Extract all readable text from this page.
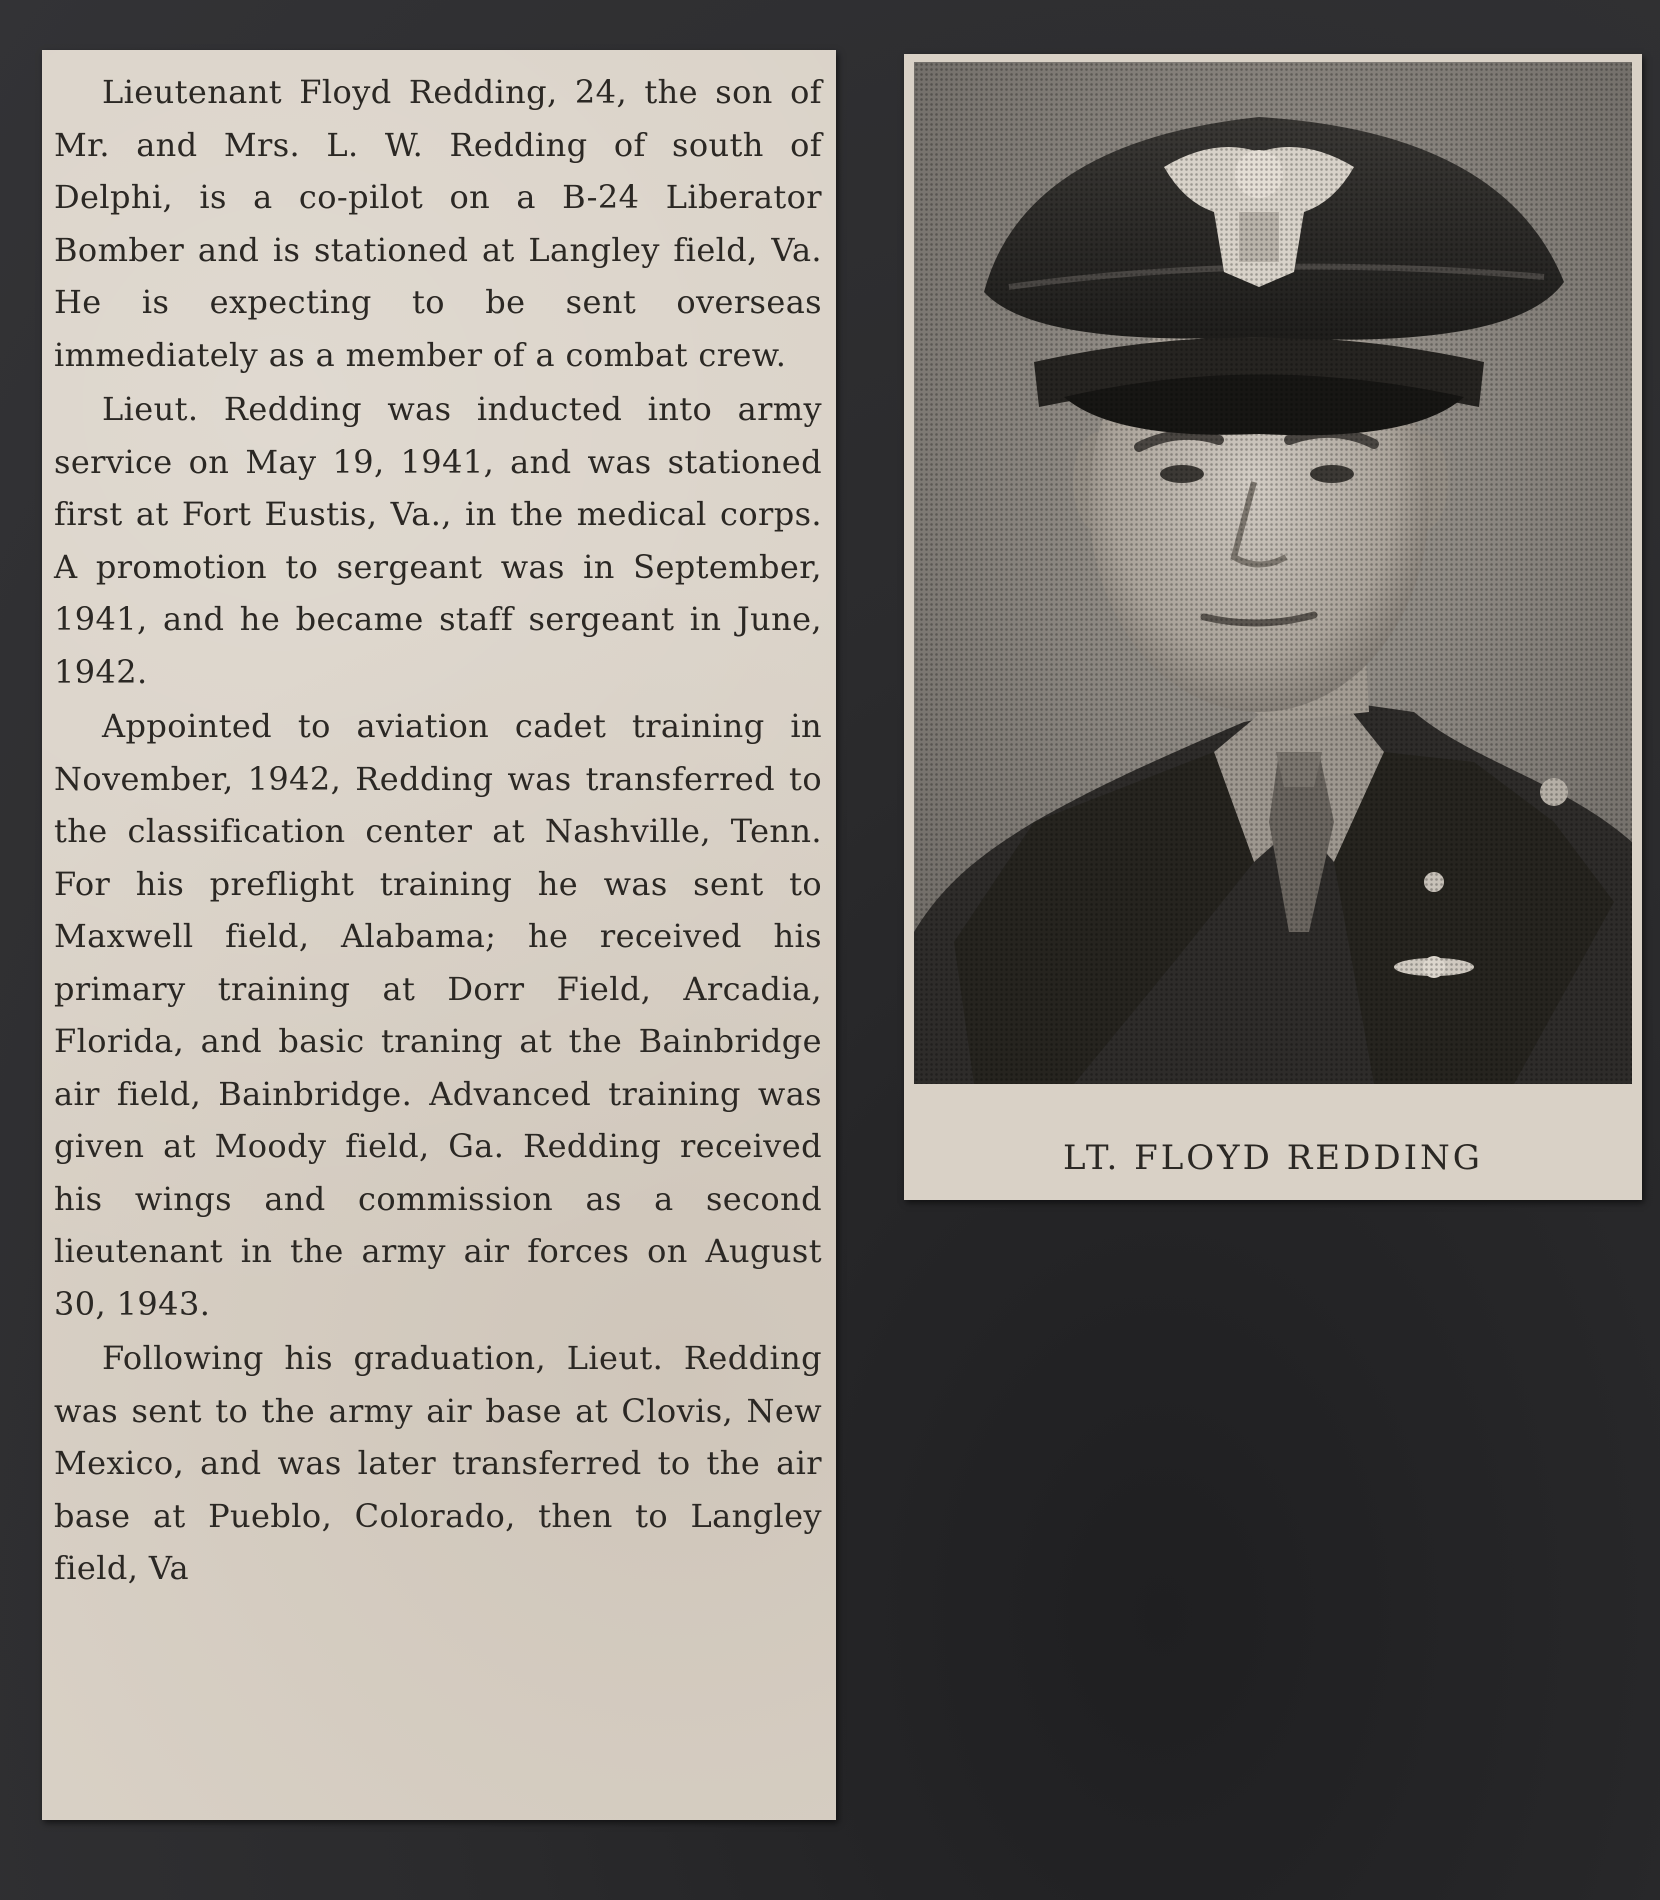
Lieutenant Floyd Redding, 24, the son of Mr. and Mrs. L. W. Redding of south of Delphi, is a co-pilot on a B-24 Liberator Bomber and is stationed at Langley field, Va. He is expecting to be sent overseas immediately as a member of a combat crew.

Lieut. Redding was inducted into army service on May 19, 1941, and was stationed first at Fort Eustis, Va., in the medical corps. A promotion to sergeant was in September, 1941, and he became staff sergeant in June, 1942.

Appointed to aviation cadet training in November, 1942, Redding was transferred to the classification center at Nashville, Tenn. For his preflight training he was sent to Maxwell field, Alabama; he received his primary training at Dorr Field, Arcadia, Florida, and basic traning at the Bainbridge air field, Bainbridge. Advanced training was given at Moody field, Ga. Redding received his wings and commission as a second lieutenant in the army air forces on August 30, 1943.

Following his graduation, Lieut. Redding was sent to the army air base at Clovis, New Mexico, and was later transferred to the air base at Pueblo, Colorado, then to Langley field, Va

LT. FLOYD REDDING
